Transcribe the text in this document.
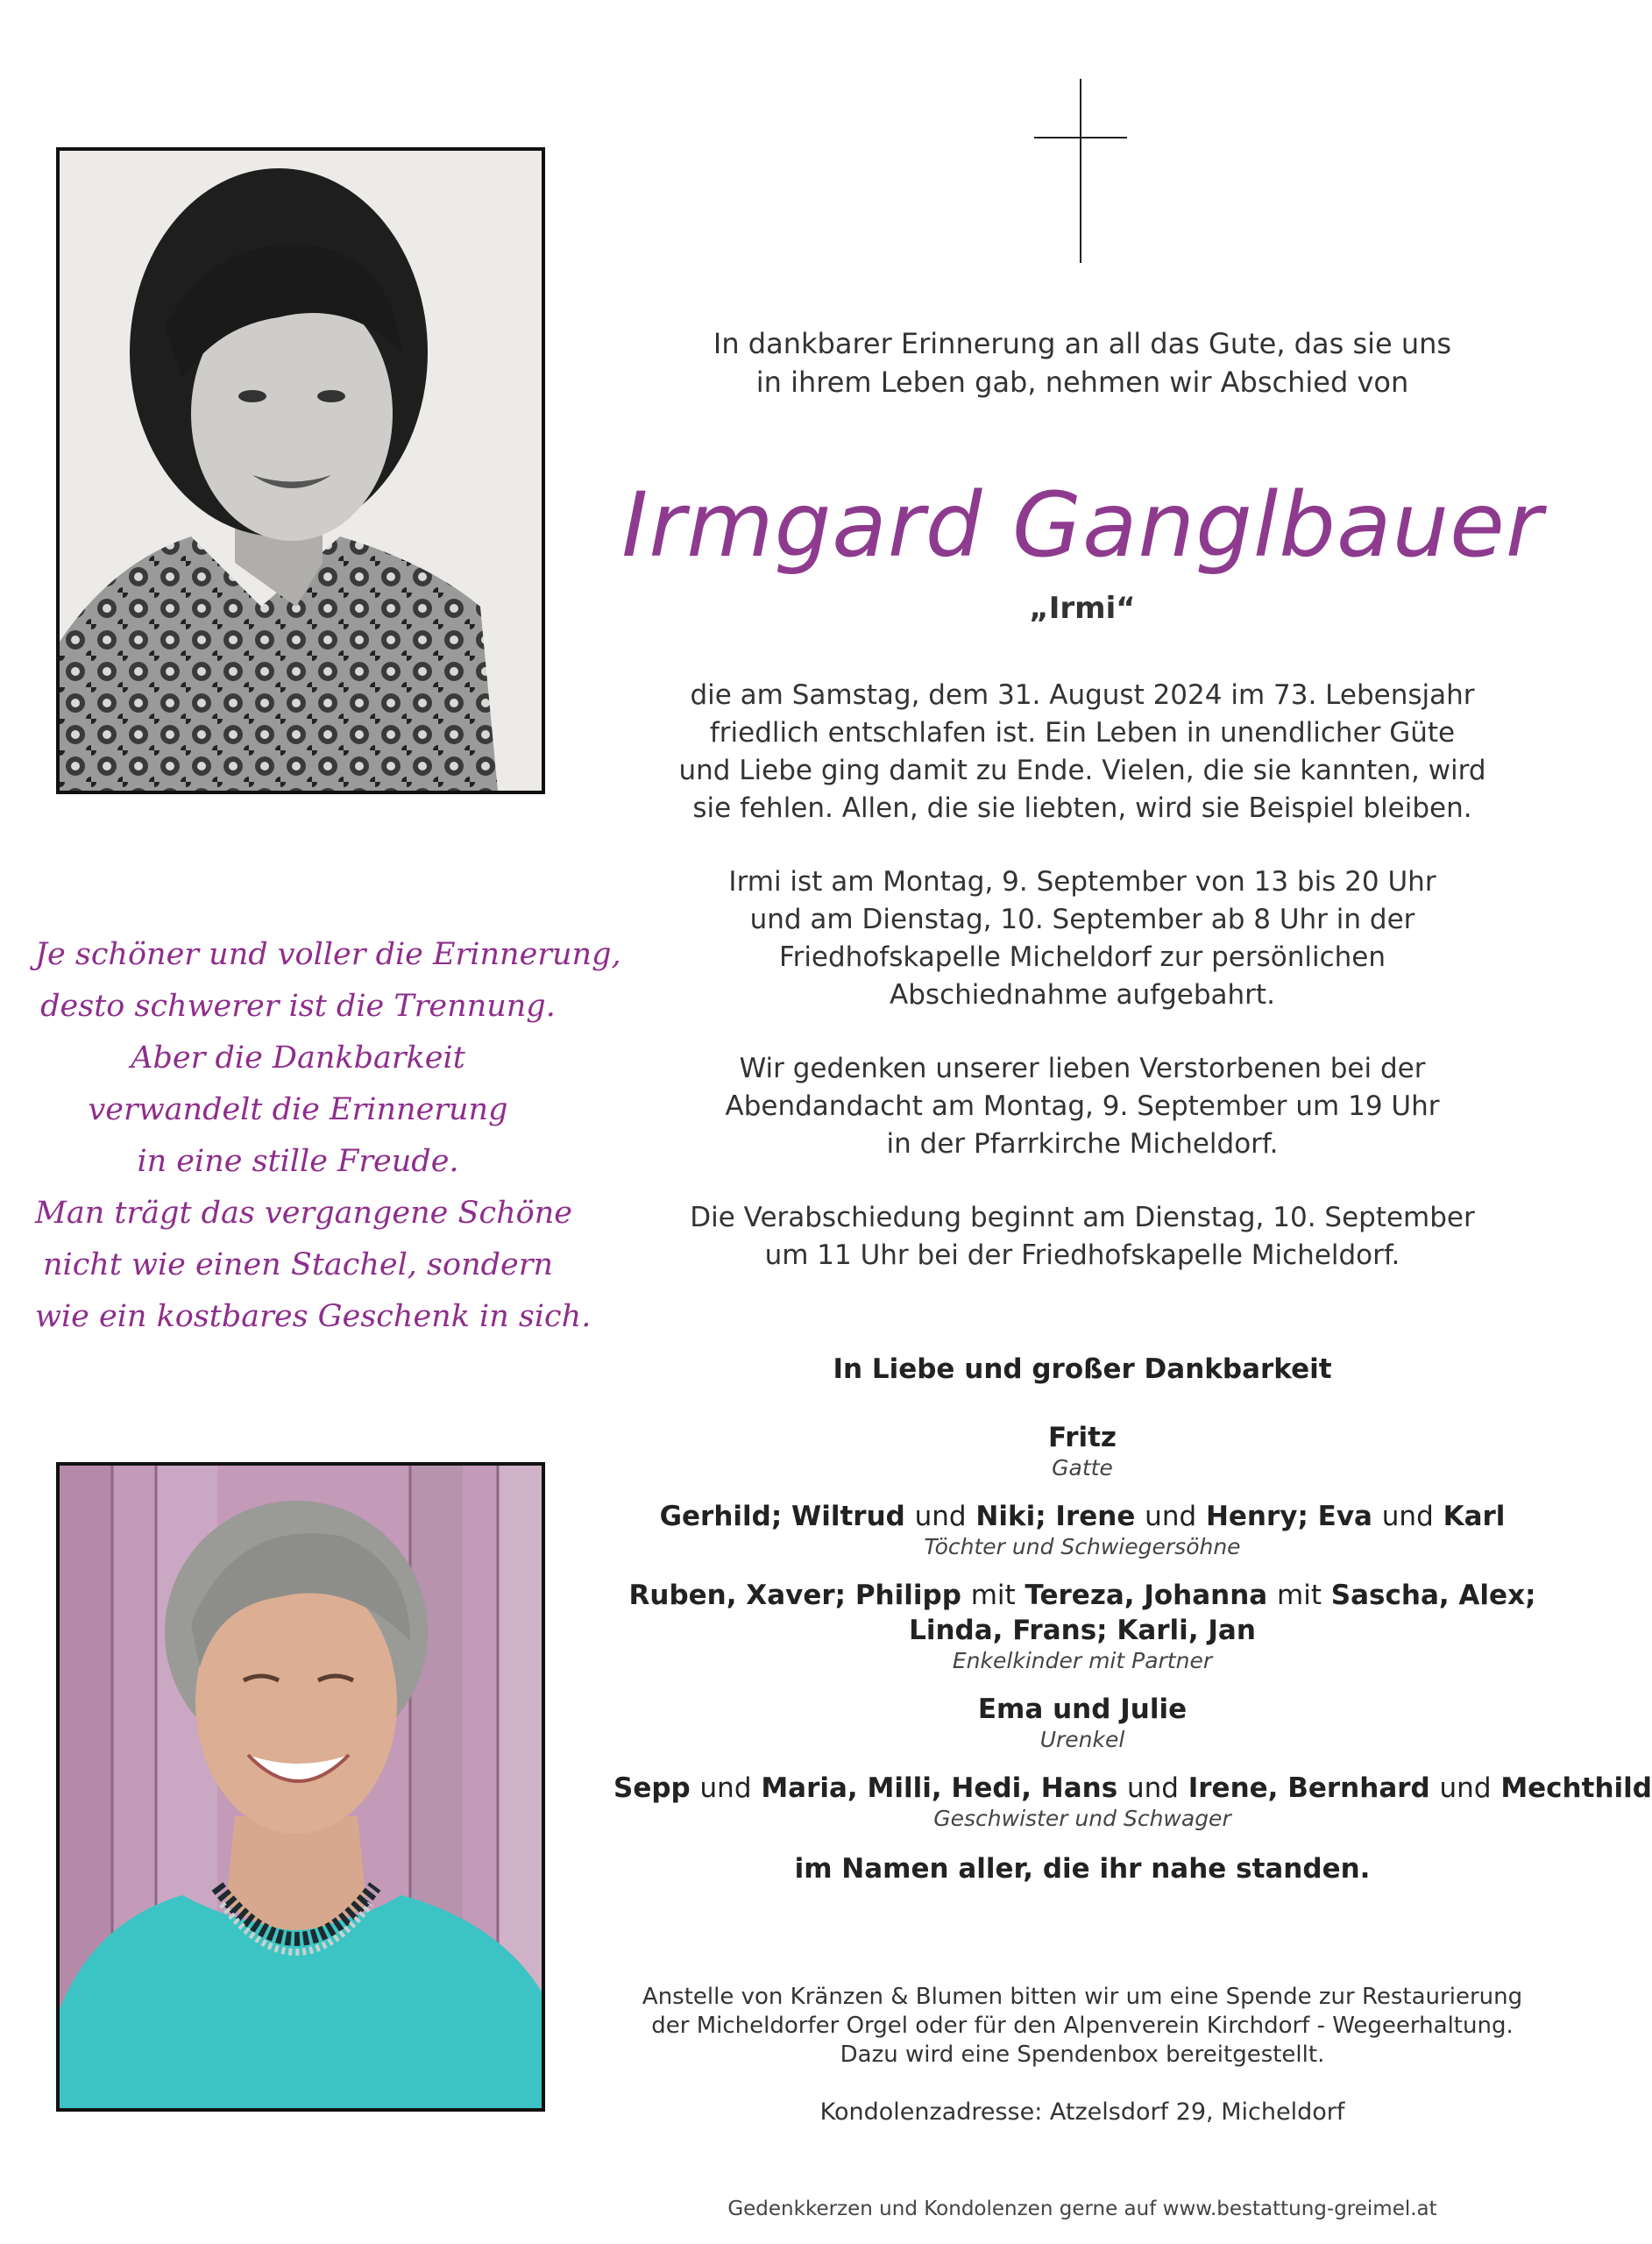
Je schöner und voller die Erinnerung,
desto schwerer ist die Trennung.
Aber die Dankbarkeit
verwandelt die Erinnerung
in eine stille Freude.
Man trägt das vergangene Schöne
nicht wie einen Stachel, sondern
wie ein kostbares Geschenk in sich.
In dankbarer Erinnerung an all das Gute, das sie uns
in ihrem Leben gab, nehmen wir Abschied von
Irmgard Ganglbauer
„Irmi“
die am Samstag, dem 31. August 2024 im 73. Lebensjahr
friedlich entschlafen ist. Ein Leben in unendlicher Güte
und Liebe ging damit zu Ende. Vielen, die sie kannten, wird
sie fehlen. Allen, die sie liebten, wird sie Beispiel bleiben.
Irmi ist am Montag, 9. September von 13 bis 20 Uhr
und am Dienstag, 10. September ab 8 Uhr in der
Friedhofskapelle Micheldorf zur persönlichen
Abschiednahme aufgebahrt.
Wir gedenken unserer lieben Verstorbenen bei der
Abendandacht am Montag, 9. September um 19 Uhr
in der Pfarrkirche Micheldorf.
Die Verabschiedung beginnt am Dienstag, 10. September
um 11 Uhr bei der Friedhofskapelle Micheldorf.
In Liebe und großer Dankbarkeit
Fritz
Gatte
Gerhild; Wiltrud und Niki; Irene und Henry; Eva und Karl
Töchter und Schwiegersöhne
Ruben, Xaver; Philipp mit Tereza, Johanna mit Sascha, Alex;
Linda, Frans; Karli, Jan
Enkelkinder mit Partner
Ema und Julie
Urenkel
Sepp und Maria, Milli, Hedi, Hans und Irene, Bernhard und Mechthild
Geschwister und Schwager
im Namen aller, die ihr nahe standen.
Anstelle von Kränzen & Blumen bitten wir um eine Spende zur Restaurierung
der Micheldorfer Orgel oder für den Alpenverein Kirchdorf - Wegeerhaltung.
Dazu wird eine Spendenbox bereitgestellt.
Kondolenzadresse: Atzelsdorf 29, Micheldorf
Gedenkkerzen und Kondolenzen gerne auf www.bestattung-greimel.at
